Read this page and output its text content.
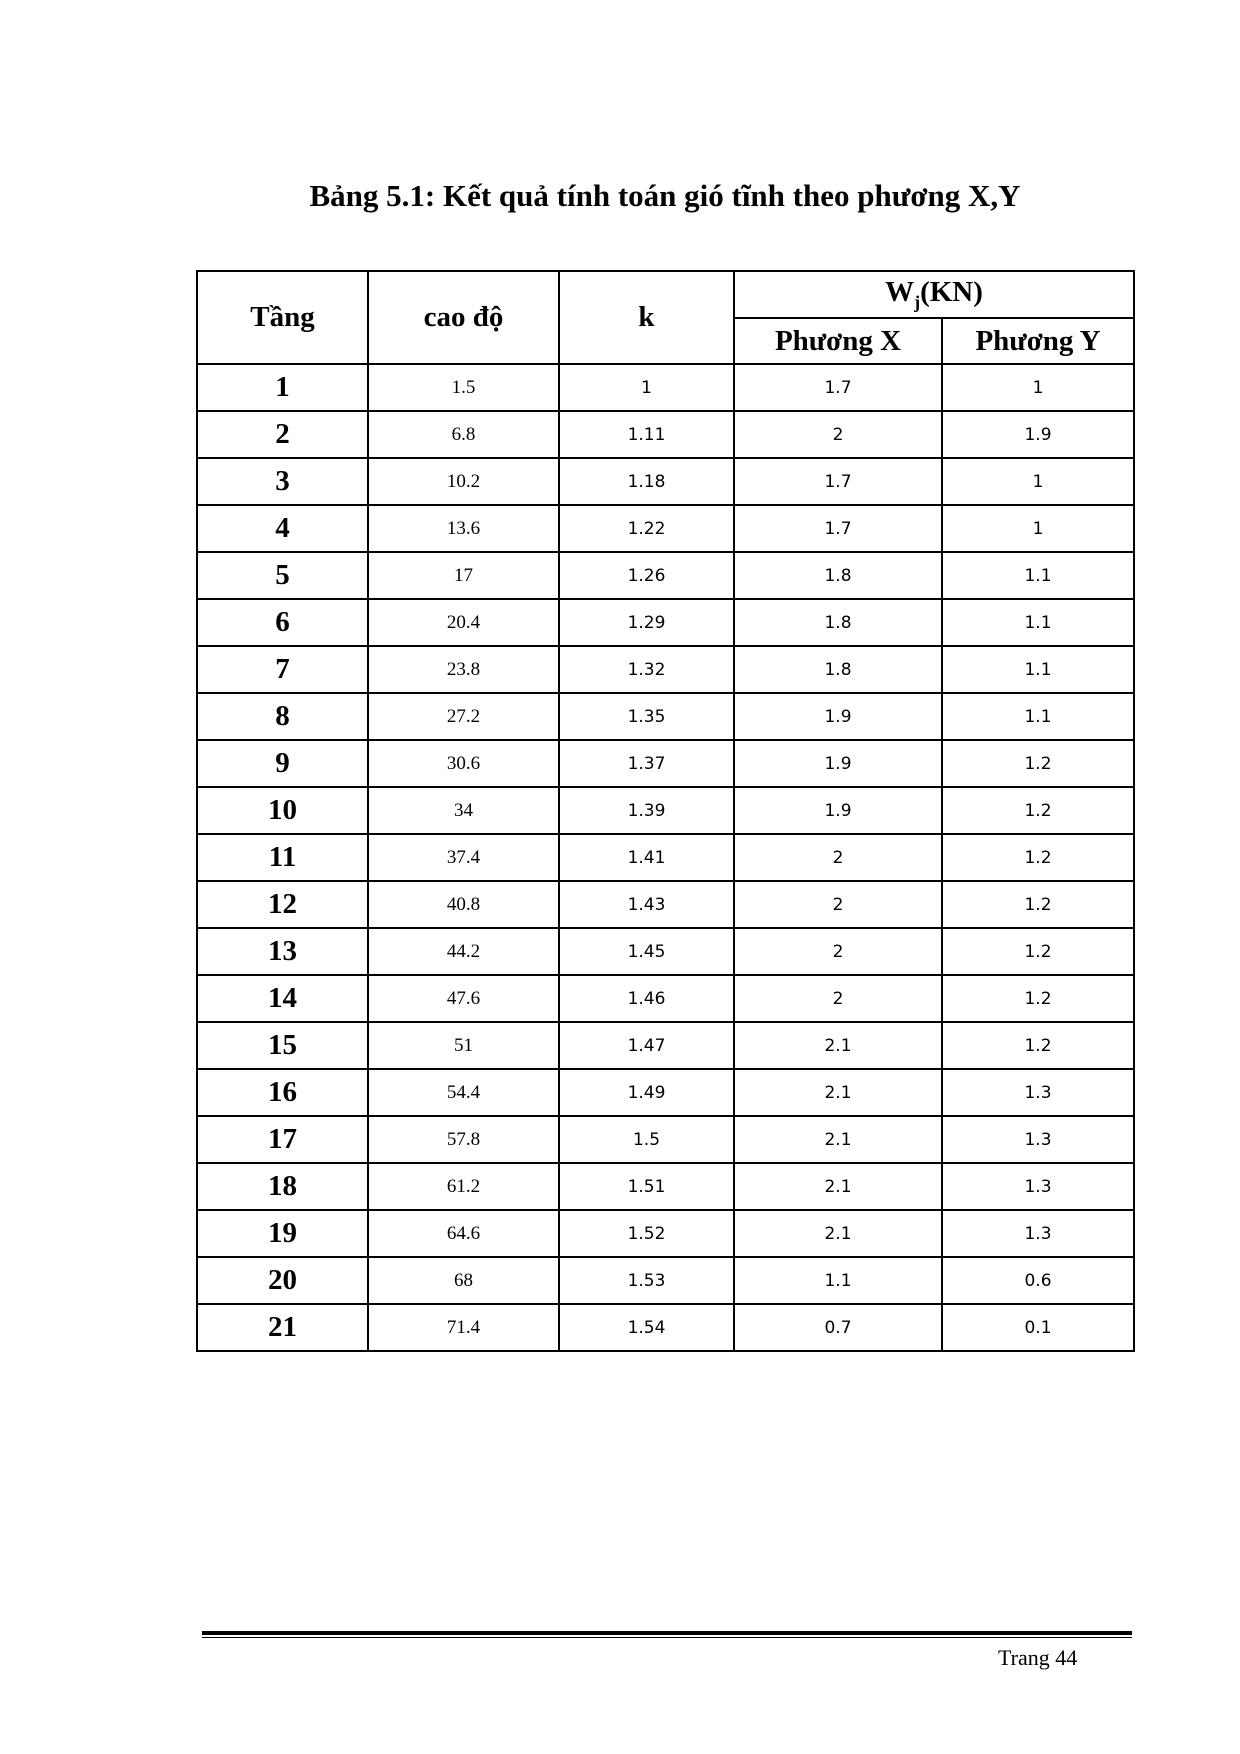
Bảng 5.1: Kết quả tính toán gió tĩnh theo phương X,Y
Tầng	cao độ	k	$W_j(KN)$	
			Phương X	Phương Y
1	1.5	1	1.7	1
2	6.8	1.11	2	1.9
3	10.2	1.18	1.7	1
4	13.6	1.22	1.7	1
5	17	1.26	1.8	1.1
6	20.4	1.29	1.8	1.1
7	23.8	1.32	1.8	1.1
8	27.2	1.35	1.9	1.1
9	30.6	1.37	1.9	1.2
10	34	1.39	1.9	1.2
11	37.4	1.41	2	1.2
12	40.8	1.43	2	1.2
13	44.2	1.45	2	1.2
14	47.6	1.46	2	1.2
15	51	1.47	2.1	1.2
16	54.4	1.49	2.1	1.3
17	57.8	1.5	2.1	1.3
18	61.2	1.51	2.1	1.3
19	64.6	1.52	2.1	1.3
20	68	1.53	1.1	0.6
21	71.4	1.54	0.7	0.1
Trang 44
